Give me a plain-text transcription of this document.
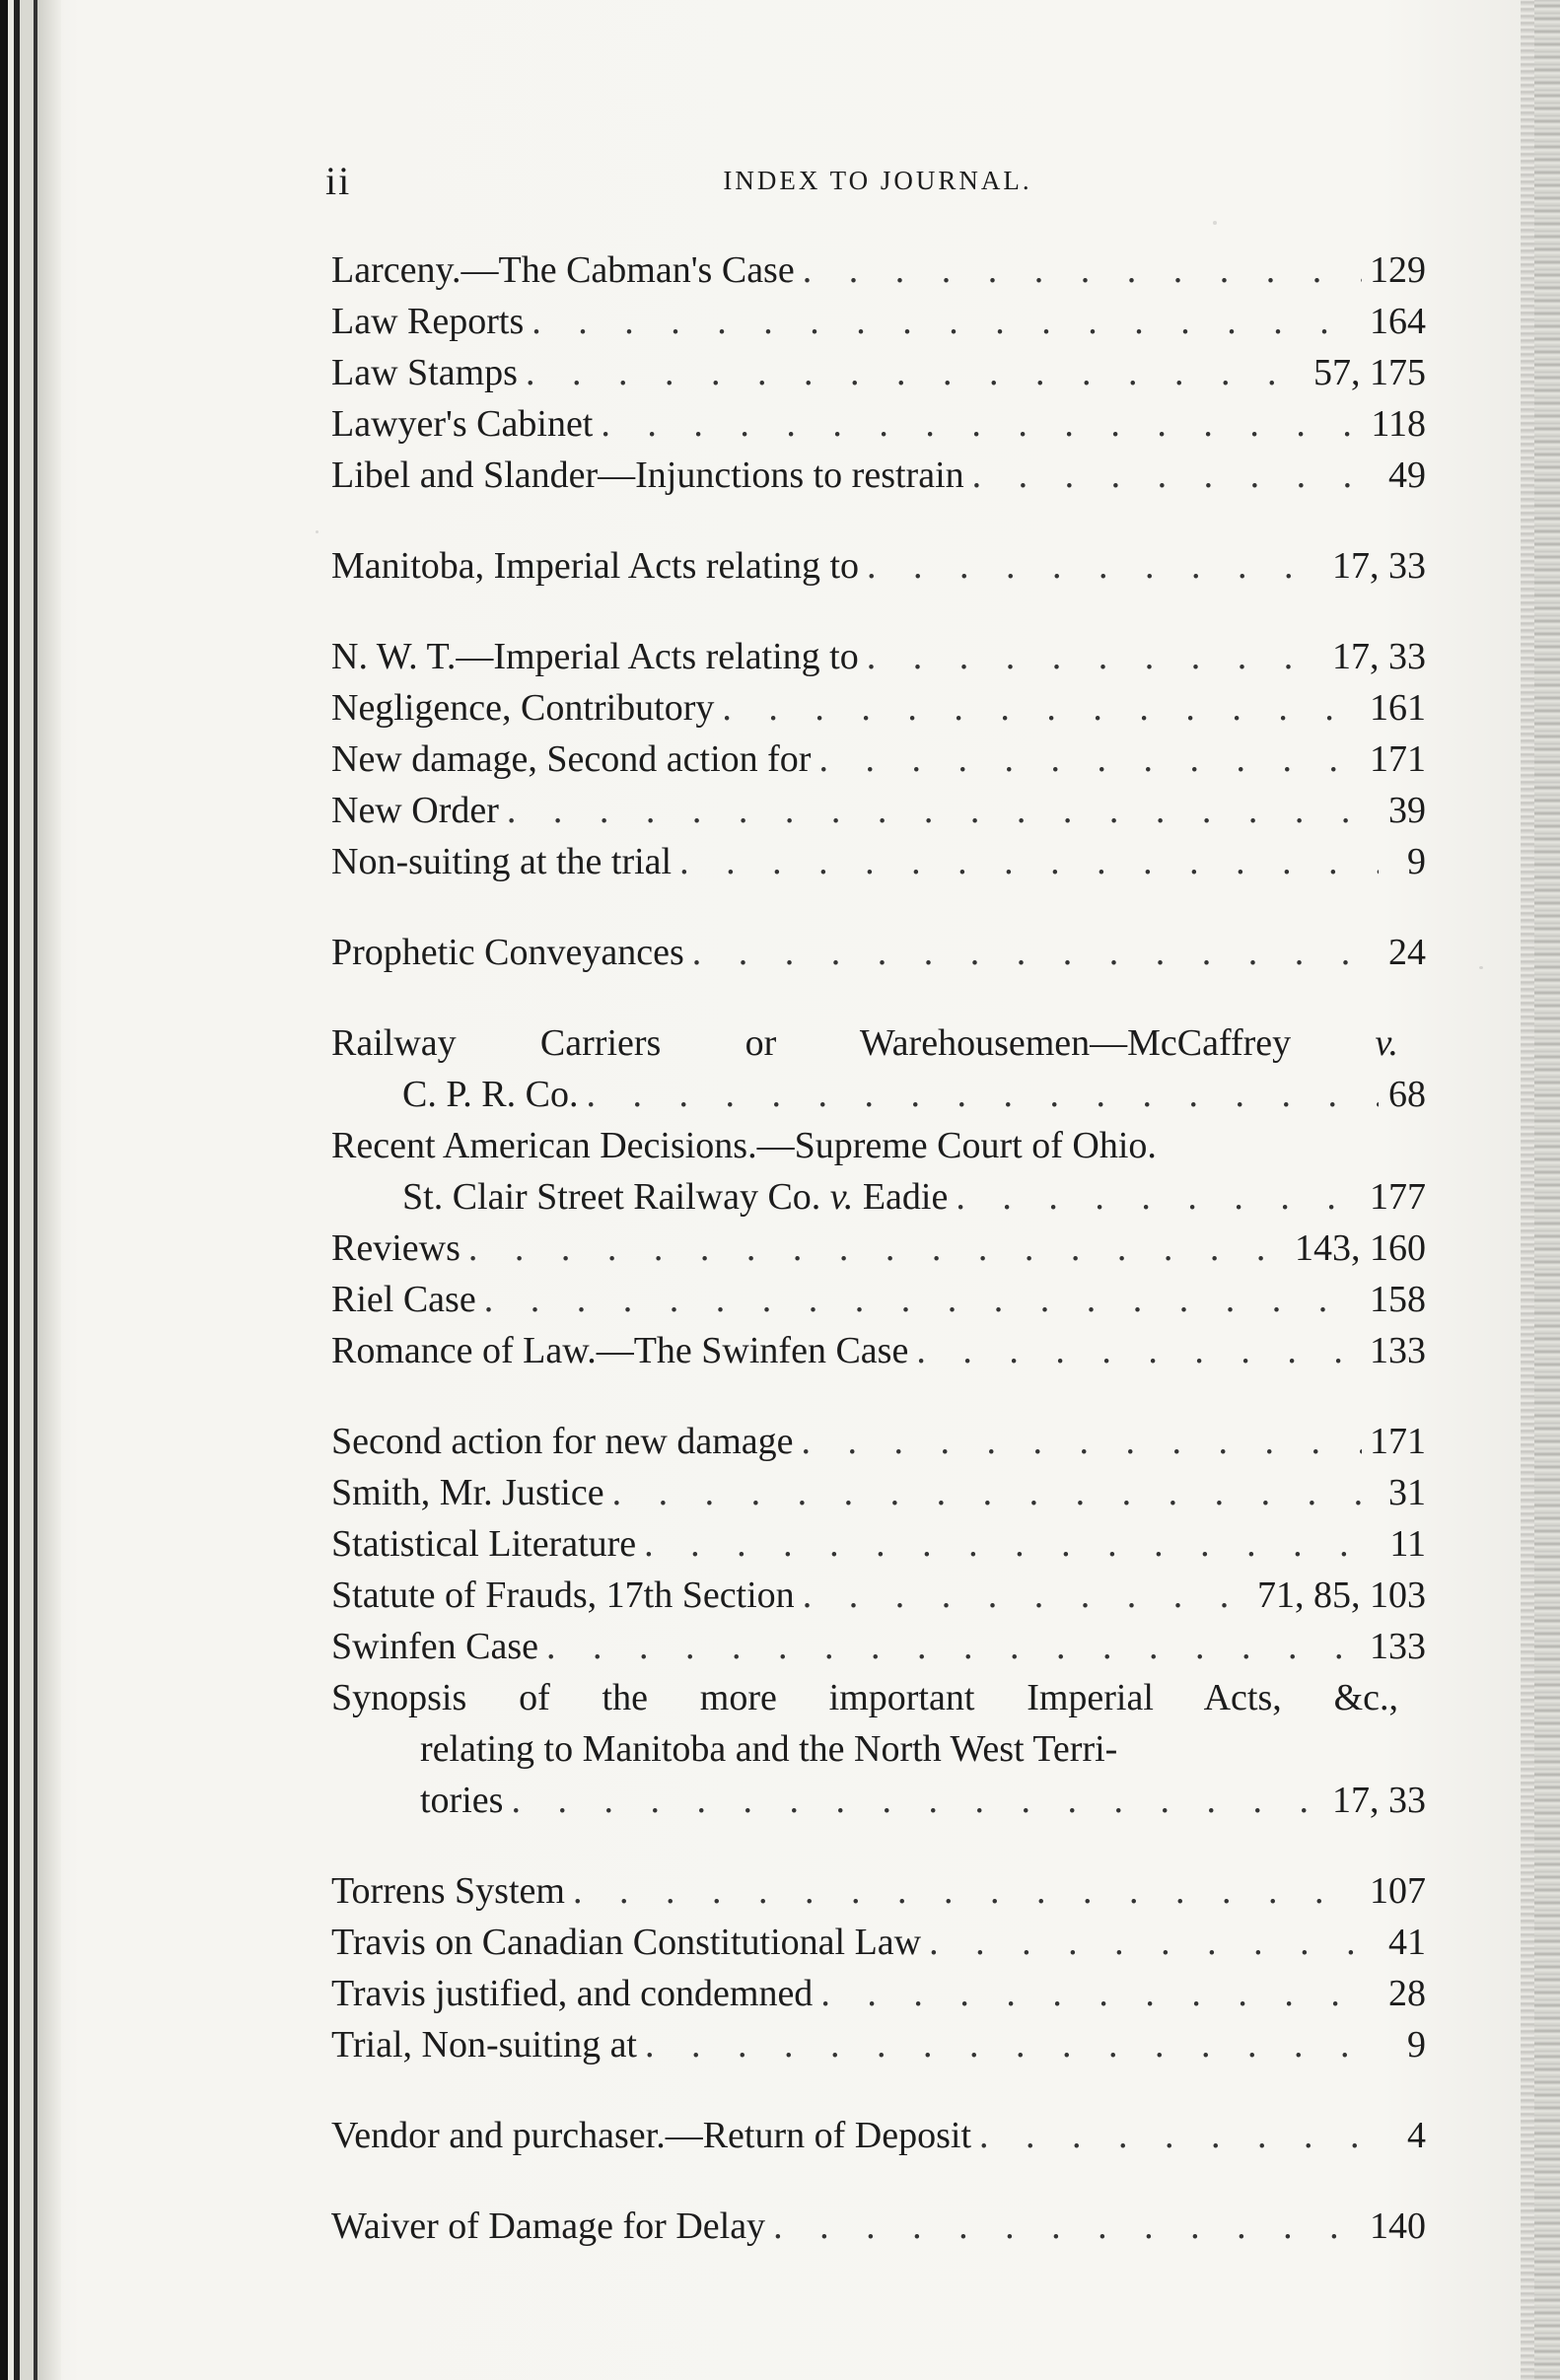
ii	INDEX TO JOURNAL.
Larceny.—The Cabman's Case . . .	129
Law Reports . . .	164
Law Stamps . . .	57, 175
Lawyer's Cabinet . . .	118
Libel and Slander—Injunctions to restrain . . .	49
Manitoba, Imperial Acts relating to . . .	17, 33
N. W. T.—Imperial Acts relating to . . .	17, 33
Negligence, Contributory . . .	161
New damage, Second action for . . .	171
New Order . . .	39
Non-suiting at the trial . . .	9
Prophetic Conveyances . . .	24
Railway Carriers or Warehousemen—McCaffrey v.
C. P. R. Co. . . .	68
Recent American Decisions.—Supreme Court of Ohio.
St. Clair Street Railway Co. v. Eadie . . .	177
Reviews . . .	143, 160
Riel Case . . .	158
Romance of Law.—The Swinfen Case . . .	133
Second action for new damage . . .	171
Smith, Mr. Justice . . .	31
Statistical Literature . . .	11
Statute of Frauds, 17th Section . . .	71, 85, 103
Swinfen Case . . .	133
Synopsis of the more important Imperial Acts, &c.,
relating to Manitoba and the North West Terri-
tories . . .	17, 33
Torrens System . . .	107
Travis on Canadian Constitutional Law . . .	41
Travis justified, and condemned . . .	28
Trial, Non-suiting at . . .	9
Vendor and purchaser.—Return of Deposit . . .	4
Waiver of Damage for Delay . . .	140
